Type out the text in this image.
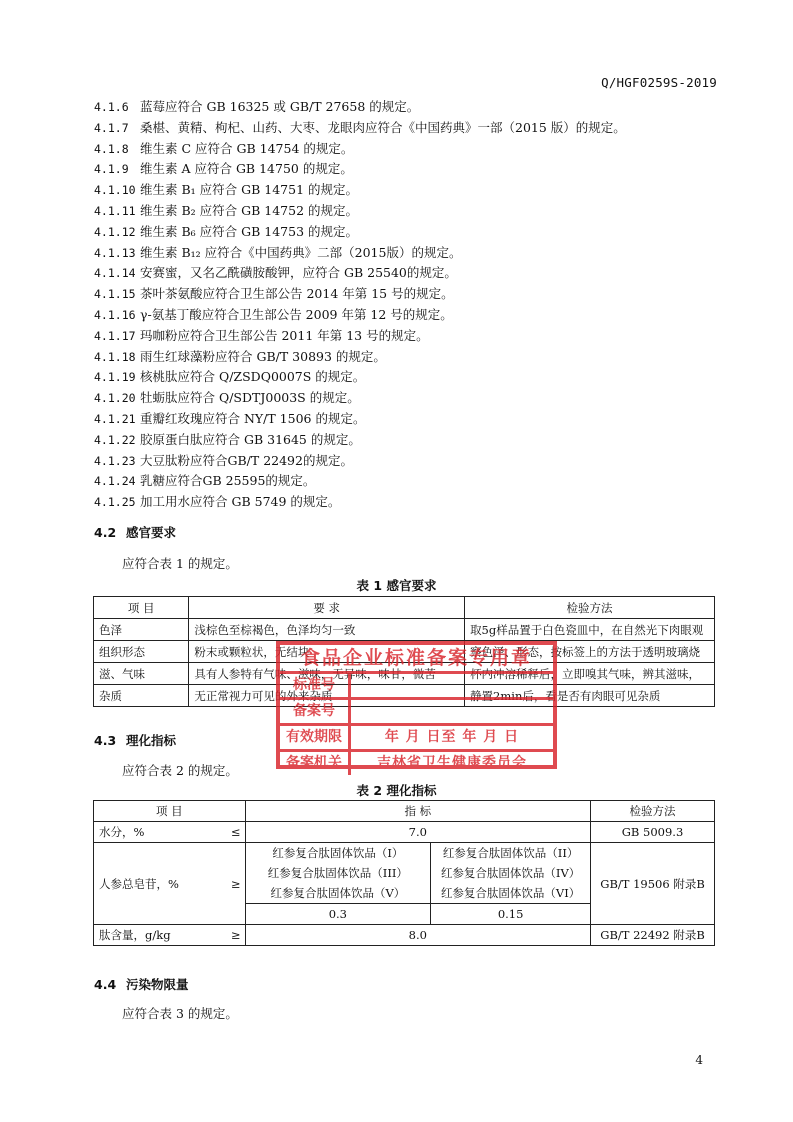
Q/HGF0259S-2019
4.1.6 蓝莓应符合 GB 16325 或 GB/T 27658 的规定。
4.1.7 桑椹、黄精、枸杞、山药、大枣、龙眼肉应符合《中国药典》一部（2015 版）的规定。
4.1.8 维生素 C 应符合 GB 14754 的规定。
4.1.9 维生素 A 应符合 GB 14750 的规定。
4.1.10 维生素 B₁ 应符合 GB 14751 的规定。
4.1.11 维生素 B₂ 应符合 GB 14752 的规定。
4.1.12 维生素 B₆ 应符合 GB 14753 的规定。
4.1.13 维生素 B₁₂ 应符合《中国药典》二部（2015版）的规定。
4.1.14 安赛蜜，又名乙酰磺胺酸钾，应符合 GB 25540的规定。
4.1.15 茶叶茶氨酸应符合卫生部公告 2014 年第 15 号的规定。
4.1.16 γ-氨基丁酸应符合卫生部公告 2009 年第 12 号的规定。
4.1.17 玛咖粉应符合卫生部公告 2011 年第 13 号的规定。
4.1.18 雨生红球藻粉应符合 GB/T 30893 的规定。
4.1.19 核桃肽应符合 Q/ZSDQ0007S 的规定。
4.1.20 牡蛎肽应符合 Q/SDTJ0003S 的规定。
4.1.21 重瓣红玫瑰应符合 NY/T 1506 的规定。
4.1.22 胶原蛋白肽应符合 GB 31645 的规定。
4.1.23 大豆肽粉应符合GB/T 22492的规定。
4.1.24 乳糖应符合GB 25595的规定。
4.1.25 加工用水应符合 GB 5749 的规定。
4.2 感官要求
应符合表 1 的规定。
表 1 感官要求
项 目	要 求	检验方法
色泽	浅棕色至棕褐色，色泽均匀一致	取5g样品置于白色瓷皿中，在自然光下肉眼观
组织形态	粉末或颗粒状，无结块	察色泽、形态，按标签上的方法于透明玻璃烧
滋、气味	具有人参特有气味、滋味，无异味，味甘，微苦	杯内冲溶稀释后，立即嗅其气味，辨其滋味，
杂质	无正常视力可见的外来杂质	静置2min后，看是否有肉眼可见杂质
4.3 理化指标
应符合表 2 的规定。
表 2 理化指标
项 目		指 标		检验方法
水分，%	≤	7.0		GB 5009.3
人参总皂苷，%	≥	红参复合肽固体饮品（I）	红参复合肽固体饮品（II）	GB/T 19506 附录B
		红参复合肽固体饮品（III）	红参复合肽固体饮品（IV）	
		红参复合肽固体饮品（V）	红参复合肽固体饮品（VI）	
		0.3	0.15	
肽含量，g/kg	≥	8.0		GB/T 22492 附录B
4.4 污染物限量
应符合表 3 的规定。
4
食品企业标准备案专用章
标准号
备案号
有效期限	年 月 日至 年 月 日
备案机关	吉林省卫生健康委员会
